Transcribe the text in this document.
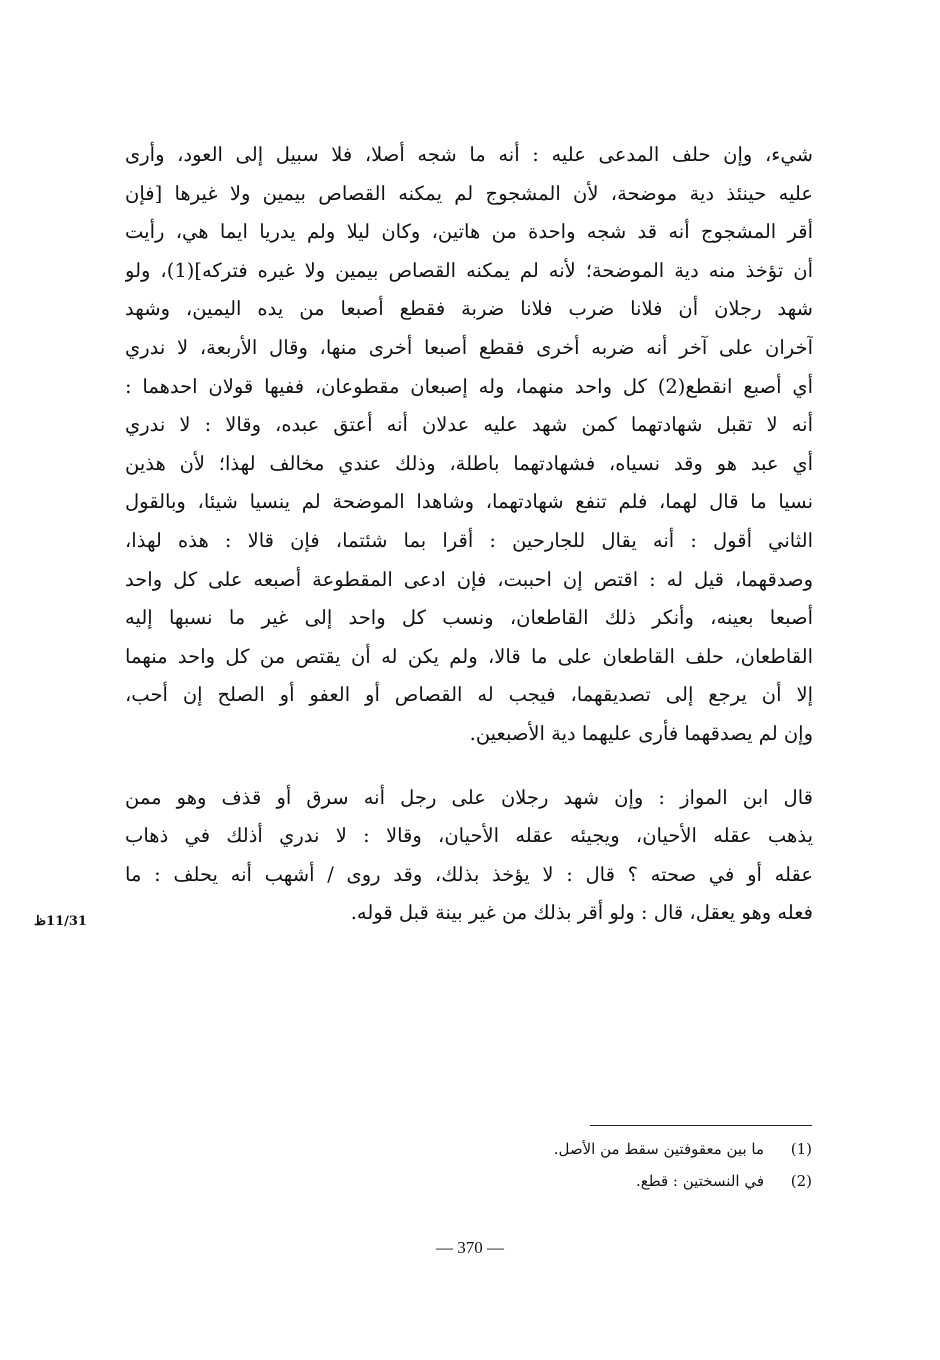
شيء، وإن حلف المدعى عليه : أنه ما شجه أصلا، فلا سبيل إلى العود، وأرى
عليه حينئذ دية موضحة، لأن المشجوج لم يمكنه القصاص بيمين ولا غيرها [فإن
أقر المشجوج أنه قد شجه واحدة من هاتين، وكان ليلا ولم يدريا ايما هي، رأيت
أن تؤخذ منه دية الموضحة؛ لأنه لم يمكنه القصاص بيمين ولا غيره فتركه](1)، ولو
شهد رجلان أن فلانا ضرب فلانا ضربة فقطع أصبعا من يده اليمين، وشهد
آخران على آخر أنه ضربه أخرى فقطع أصبعا أخرى منها، وقال الأربعة، لا ندري
أي أصبع انقطع(2) كل واحد منهما، وله إصبعان مقطوعان، ففيها قولان احدهما :
أنه لا تقبل شهادتهما كمن شهد عليه عدلان أنه أعتق عبده، وقالا : لا ندري
أي عبد هو وقد نسياه، فشهادتهما باطلة، وذلك عندي مخالف لهذا؛ لأن هذين
نسيا ما قال لهما، فلم تنفع شهادتهما، وشاهدا الموضحة لم ينسيا شيئا، وبالقول
الثاني أقول : أنه يقال للجارحين : أقرا بما شئتما، فإن قالا : هذه لهذا،
وصدقهما، قيل له : اقتص إن احببت، فإن ادعى المقطوعة أصبعه على كل واحد
أصبعا بعينه، وأنكر ذلك القاطعان، ونسب كل واحد إلى غير ما نسبها إليه
القاطعان، حلف القاطعان على ما قالا، ولم يكن له أن يقتص من كل واحد منهما
إلا أن يرجع إلى تصديقهما، فيجب له القصاص أو العفو أو الصلح إن أحب،
وإن لم يصدقهما فأرى عليهما دية الأصبعين.
قال ابن المواز : وإن شهد رجلان على رجل أنه سرق أو قذف وهو ممن
يذهب عقله الأحيان، ويجيئه عقله الأحيان، وقالا : لا ندري أذلك في ذهاب
عقله أو في صحته ؟ قال : لا يؤخذ بذلك، وقد روى / أشهب أنه يحلف : ما
فعله وهو يعقل، قال : ولو أقر بذلك من غير بينة قبل قوله.
11/31ظ
(1)
ما بين معقوفتين سقط من الأصل.
(2)
في النسختين : قطع.
— 370 —
